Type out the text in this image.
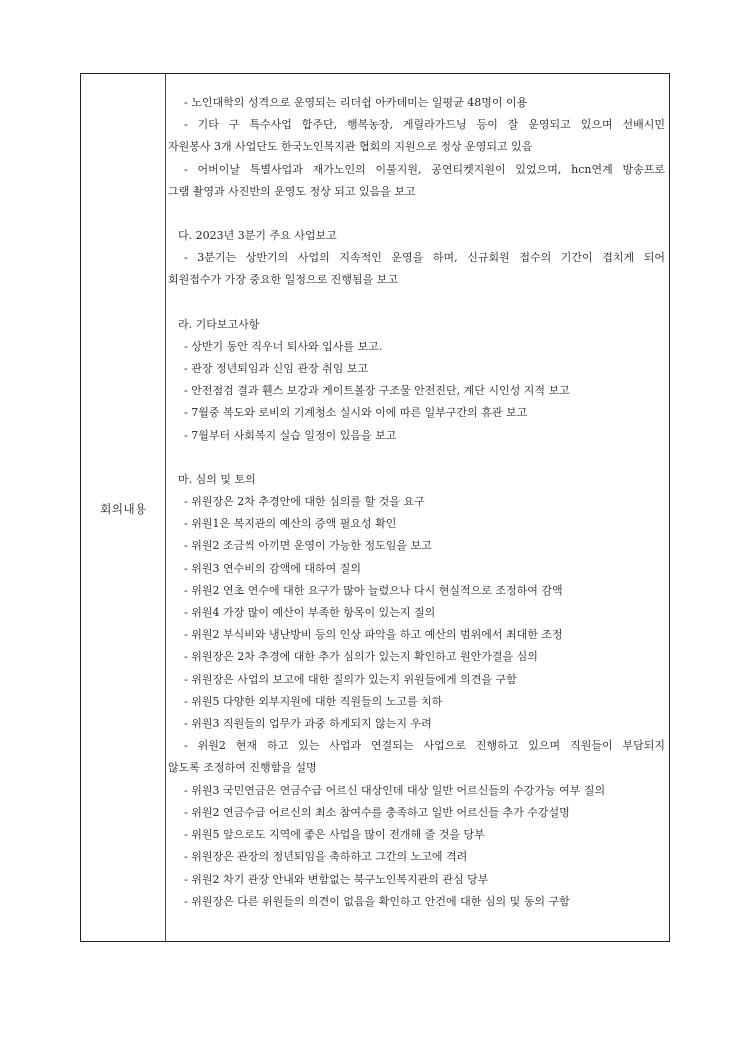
회의내용
- 노인대학의 성격으로 운영되는 리더쉽 아카데미는 일평균 48명이 이용
- 기타 구 특수사업 합주단, 행복농장, 게릴라가드닝 등이 잘 운영되고 있으며 선배시민
자원봉사 3개 사업단도 한국노인복지관 협회의 지원으로 정상 운영되고 있음
- 어버이날 특별사업과 재가노인의 이불지원, 공연티켓지원이 있었으며, hcn연계 방송프로
그램 촬영과 사진반의 운영도 정상 되고 있음을 보고

다. 2023년 3분기 주요 사업보고
- 3분기는 상반기의 사업의 지속적인 운영을 하며, 신규회원 접수의 기간이 겹치게 되어
회원접수가 가장 중요한 일정으로 진행됨을 보고

라. 기타보고사항
- 상반기 동안 직우너 퇴사와 입사를 보고.
- 관장 정년퇴임과 신임 관장 취임 보고
- 안전점검 결과 휀스 보강과 게이트볼장 구조물 안전진단, 계단 시인성 지적 보고
- 7월중 복도와 로비의 기계청소 실시와 이에 따른 일부구간의 휴관 보고
- 7월부터 사회복지 실습 일정이 있음을 보고

마. 심의 및 토의
- 위원장은 2차 추경안에 대한 심의를 할 것을 요구
- 위원1은 복지관의 예산의 증액 필요성 확인
- 위원2 조금씩 아끼면 운영이 가능한 정도임을 보고
- 위원3 연수비의 감액에 대하여 질의
- 위원2 연초 연수에 대한 요구가 많아 늘렸으나 다시 현실적으로 조정하여 감액
- 위원4 가장 많이 예산이 부족한 항목이 있는지 질의
- 위원2 부식비와 냉난방비 등의 인상 파악을 하고 예산의 범위에서 최대한 조정
- 위원장은 2차 추경에 대한 추가 심의가 있는지 확인하고 원안가결을 심의
- 위원장은 사업의 보고에 대한 질의가 있는지 위원들에게 의견을 구함
- 위원5 다양한 외부지원에 대한 직원들의 노고를 치하
- 위원3 직원들의 업무가 과중 하게되지 않는지 우려
- 위원2 현재 하고 있는 사업과 연결되는 사업으로 진행하고 있으며 직원들이 부담되지
않도록 조정하여 진행함을 설명
- 위원3 국민연금은 연금수급 어르신 대상인데 대상 일반 어르신들의 수강가능 여부 질의
- 위원2 연금수급 어르신의 최소 참여수를 충족하고 일반 어르신들 추가 수강설명
- 위원5 앞으로도 지역에 좋은 사업을 많이 전개해 줄 것을 당부
- 위원장은 관장의 정년퇴임을 축하하고 그간의 노고에 격려
- 위원2 차기 관장 안내와 변함없는 북구노인복지관의 관심 당부
- 위원장은 다른 위원들의 의견이 없음을 확인하고 안건에 대한 심의 및 동의 구함
